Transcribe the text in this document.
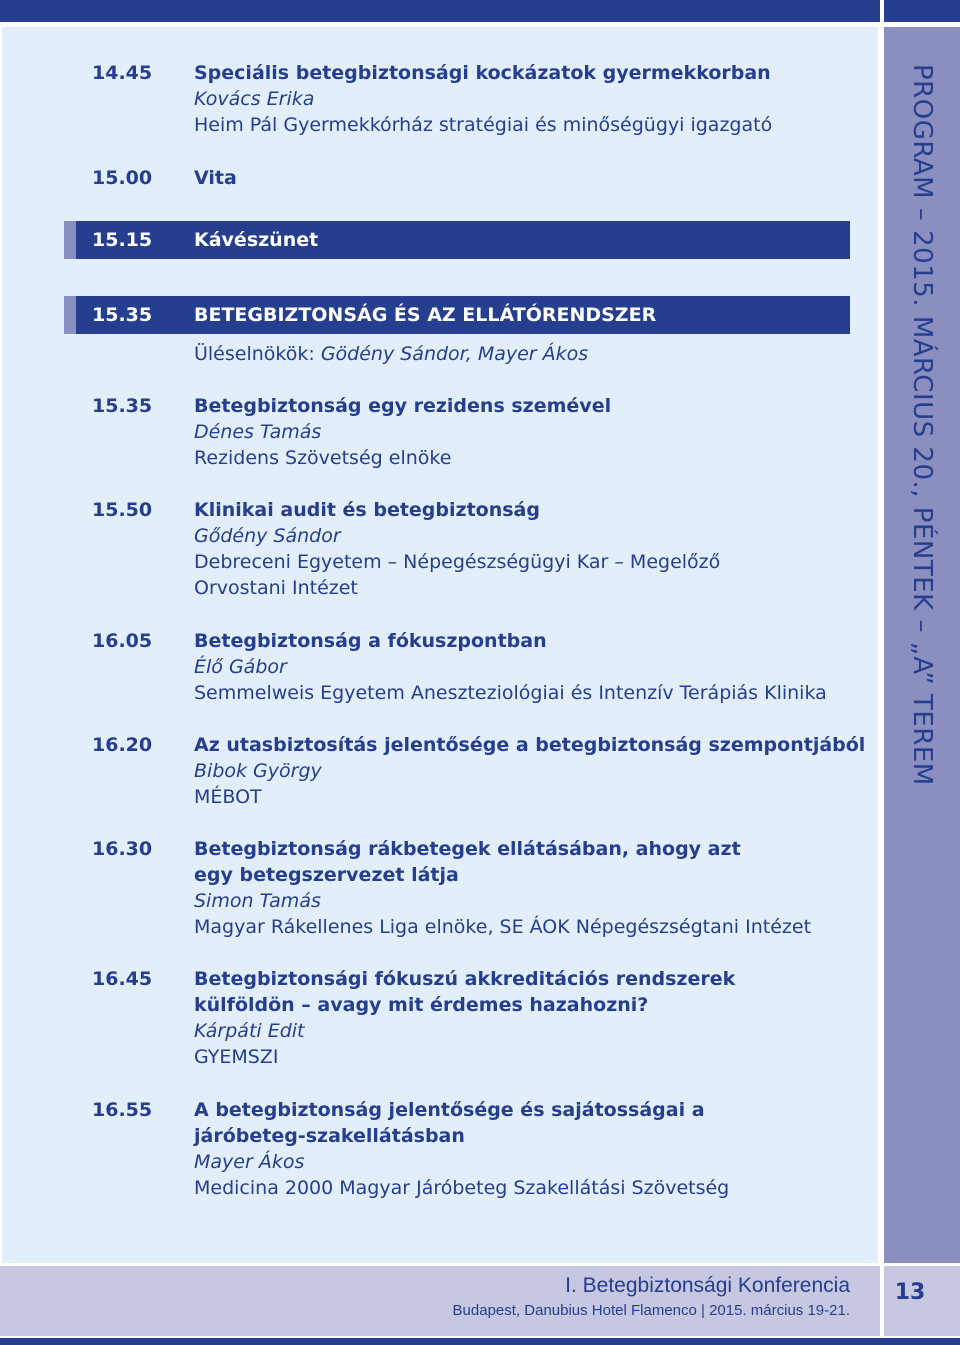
PROGRAM – 2015. MÁRCIUS 20., PÉNTEK – „A” TEREM
14.45	Speciális betegbiztonsági kockázatok gyermekkorban
Kovács Erika
Heim Pál Gyermekkórház stratégiai és minőségügyi igazgató
15.00	Vita
15.15	Kávészünet
15.35	BETEGBIZTONSÁG ÉS AZ ELLÁTÓRENDSZER
Üléselnökök: Gödény Sándor, Mayer Ákos
15.35	Betegbiztonság egy rezidens szemével
Dénes Tamás
Rezidens Szövetség elnöke
15.50	Klinikai audit és betegbiztonság
Gődény Sándor
Debreceni Egyetem – Népegészségügyi Kar – Megelőző Orvostani Intézet
16.05	Betegbiztonság a fókuszpontban
Élő Gábor
Semmelweis Egyetem Aneszteziológiai és Intenzív Terápiás Klinika
16.20	Az utasbiztosítás jelentősége a betegbiztonság szempontjából
Bibok György
MÉBOT
16.30	Betegbiztonság rákbetegek ellátásában, ahogy azt egy betegszervezet látja
Simon Tamás
Magyar Rákellenes Liga elnöke, SE ÁOK Népegészségtani Intézet
16.45	Betegbiztonsági fókuszú akkreditációs rendszerek külföldön – avagy mit érdemes hazahozni?
Kárpáti Edit
GYEMSZI
16.55	A betegbiztonság jelentősége és sajátosságai a járóbeteg-szakellátásban
Mayer Ákos
Medicina 2000 Magyar Járóbeteg Szakellátási Szövetség
I. Betegbiztonsági Konferencia
Budapest, Danubius Hotel Flamenco | 2015. március 19-21.
13
